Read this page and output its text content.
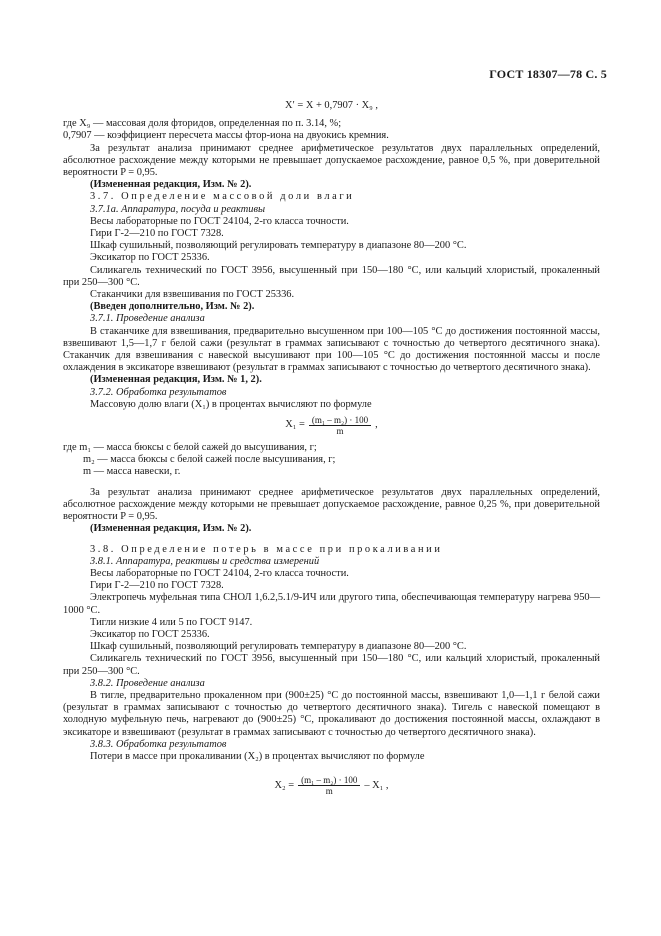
ГОСТ 18307—78 С. 5

X′ = X + 0,7907 · X₉ ,

где X₉ — массовая доля фторидов, определенная по п. 3.14, %;

0,7907 — коэффициент пересчета массы фтор-иона на двуокись кремния.

За результат анализа принимают среднее арифметическое результатов двух параллельных определений, абсолютное расхождение между которыми не превышает допускаемое расхождение, равное 0,5 %, при доверительной вероятности P = 0,95.

(Измененная редакция, Изм. № 2).

3.7. Определение массовой доли влаги

3.7.1а. Аппаратура, посуда и реактивы

Весы лабораторные по ГОСТ 24104, 2-го класса точности.

Гири Г-2—210 по ГОСТ 7328.

Шкаф сушильный, позволяющий регулировать температуру в диапазоне 80—200 °С.

Эксикатор по ГОСТ 25336.

Силикагель технический по ГОСТ 3956, высушенный при 150—180 °С, или кальций хлористый, прокаленный при 250—300 °С.

Стаканчики для взвешивания по ГОСТ 25336.

(Введен дополнительно, Изм. № 2).

3.7.1. Проведение анализа

В стаканчике для взвешивания, предварительно высушенном при 100—105 °С до достижения постоянной массы, взвешивают 1,5—1,7 г белой сажи (результат в граммах записывают с точностью до четвертого десятичного знака). Стаканчик для взвешивания с навеской высушивают при 100—105 °С до достижения постоянной массы и после охлаждения в эксикаторе взвешивают (результат в граммах записывают с точностью до четвертого десятичного знака).

(Измененная редакция, Изм. № 1, 2).

3.7.2. Обработка результатов

Массовую долю влаги (X₁) в процентах вычисляют по формуле

$X_1 = \frac{\text{(m₁ – m₂) · 100}}{m}$ ,

где m₁ — масса бюксы с белой сажей до высушивания, г;

m₂ — масса бюксы с белой сажей после высушивания, г;

m — масса навески, г.

За результат анализа принимают среднее арифметическое результатов двух параллельных определений, абсолютное расхождение между которыми не превышает допускаемое расхождение, равное 0,25 %, при доверительной вероятности P = 0,95.

(Измененная редакция, Изм. № 2).

3.8. Определение потерь в массе при прокаливании

3.8.1. Аппаратура, реактивы и средства измерений

Весы лабораторные по ГОСТ 24104, 2-го класса точности.

Гири Г-2—210 по ГОСТ 7328.

Электропечь муфельная типа СНОЛ 1,6.2,5.1/9-ИЧ или другого типа, обеспечивающая температуру нагрева 950—1000 °С.

Тигли низкие 4 или 5 по ГОСТ 9147.

Эксикатор по ГОСТ 25336.

Шкаф сушильный, позволяющий регулировать температуру в диапазоне 80—200 °С.

Силикагель технический по ГОСТ 3956, высушенный при 150—180 °С, или кальций хлористый, прокаленный при 250—300 °С.

3.8.2. Проведение анализа

В тигле, предварительно прокаленном при (900±25) °С до постоянной массы, взвешивают 1,0—1,1 г белой сажи (результат в граммах записывают с точностью до четвертого десятичного знака). Тигель с навеской помещают в холодную муфельную печь, нагревают до (900±25) °С, прокаливают до достижения постоянной массы, охлаждают в эксикаторе и взвешивают (результат в граммах записывают с точностью до четвертого десятичного знака).

3.8.3. Обработка результатов

Потери в массе при прокаливании (X₂) в процентах вычисляют по формуле

$X_2 = \frac{\text{(m₁ – m₂) · 100}}{m} - X_1$ ,
